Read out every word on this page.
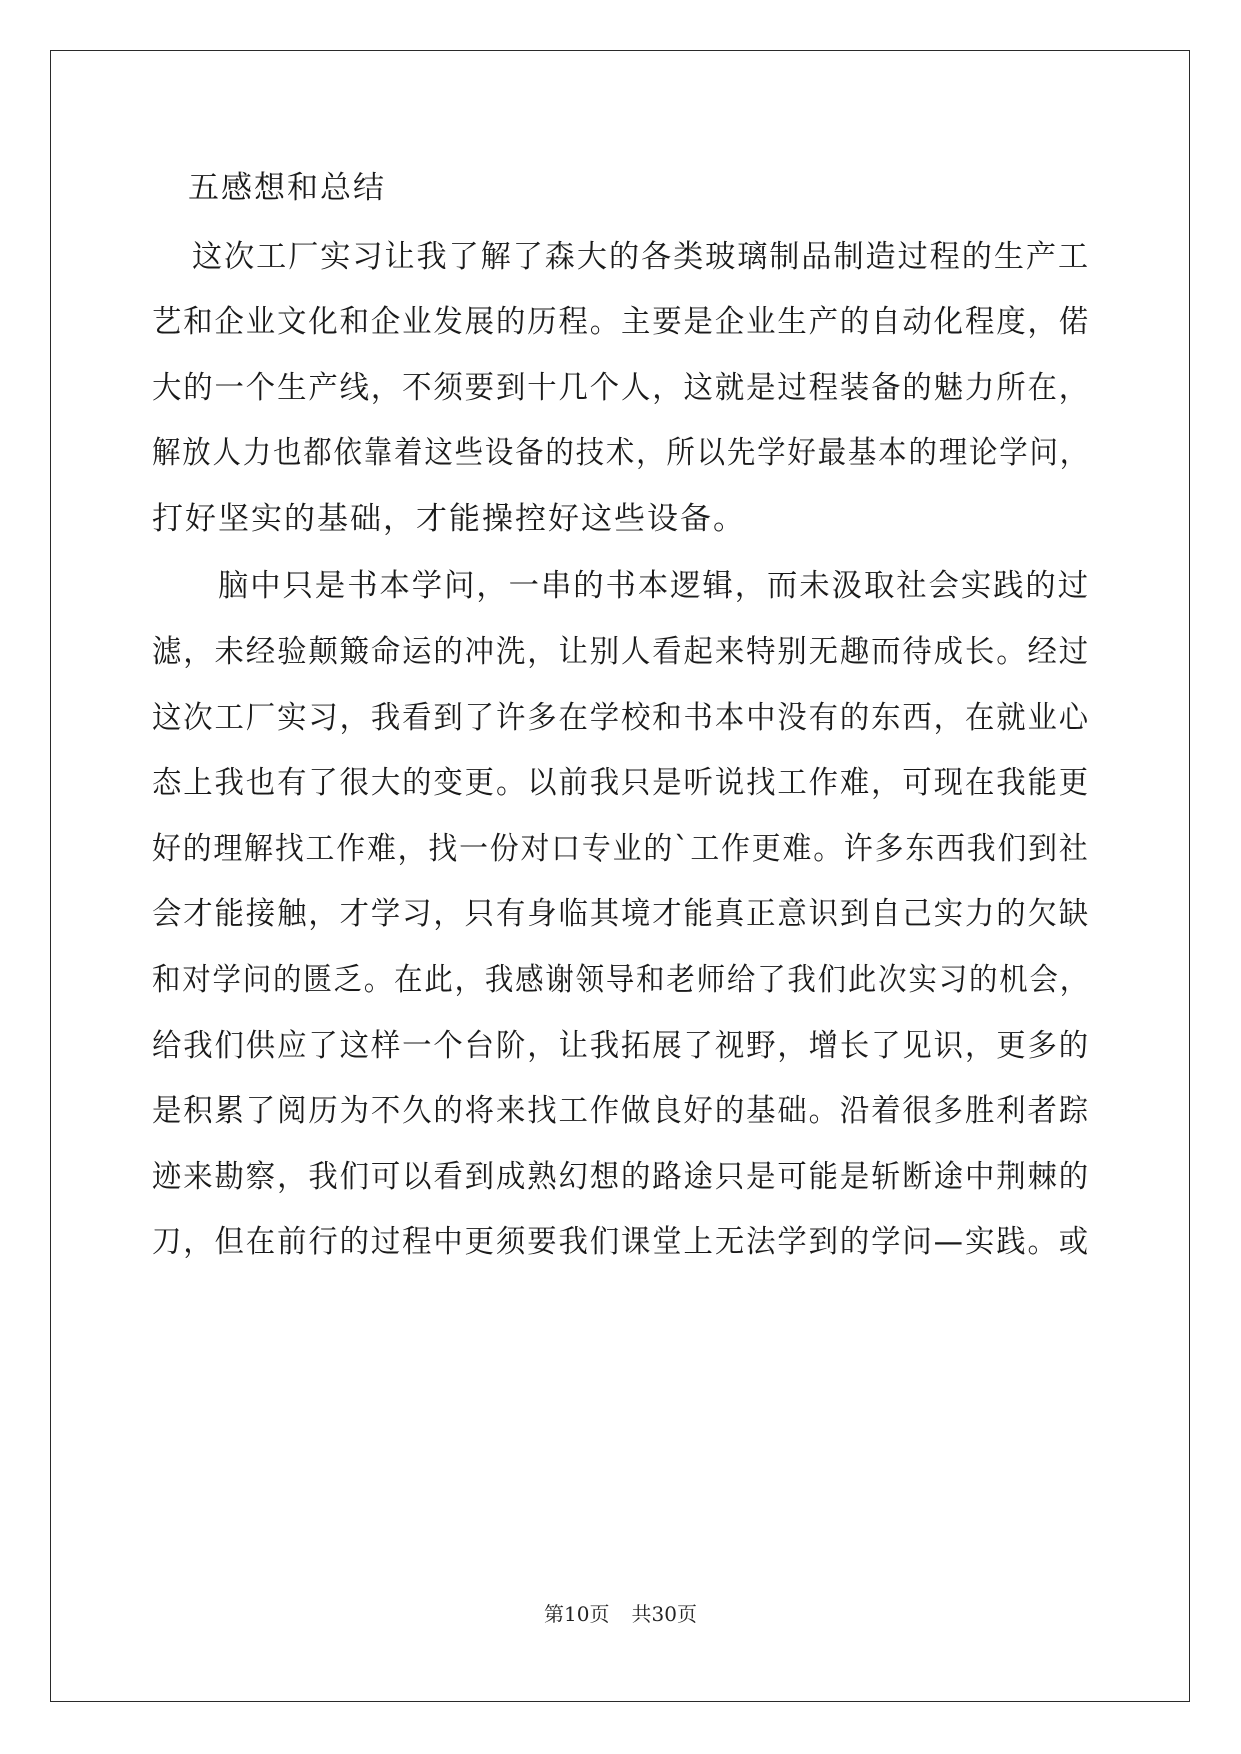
五感想和总结
这次工厂实习让我了解了森大的各类玻璃制品制造过程的生产工
艺和企业文化和企业发展的历程。主要是企业生产的自动化程度，偌
大的一个生产线，不须要到十几个人，这就是过程装备的魅力所在，
解放人力也都依靠着这些设备的技术，所以先学好最基本的理论学问，
打好坚实的基础，才能操控好这些设备。
脑中只是书本学问，一串的书本逻辑，而未汲取社会实践的过
滤，未经验颠簸命运的冲洗，让别人看起来特别无趣而待成长。经过
这次工厂实习，我看到了许多在学校和书本中没有的东西，在就业心
态上我也有了很大的变更。以前我只是听说找工作难，可现在我能更
好的理解找工作难，找一份对口专业的`工作更难。许多东西我们到社
会才能接触，才学习，只有身临其境才能真正意识到自己实力的欠缺
和对学问的匮乏。在此，我感谢领导和老师给了我们此次实习的机会，
给我们供应了这样一个台阶，让我拓展了视野，增长了见识，更多的
是积累了阅历为不久的将来找工作做良好的基础。沿着很多胜利者踪
迹来勘察，我们可以看到成熟幻想的路途只是可能是斩断途中荆棘的
刀，但在前行的过程中更须要我们课堂上无法学到的学问—实践。或
第10页 共30页
